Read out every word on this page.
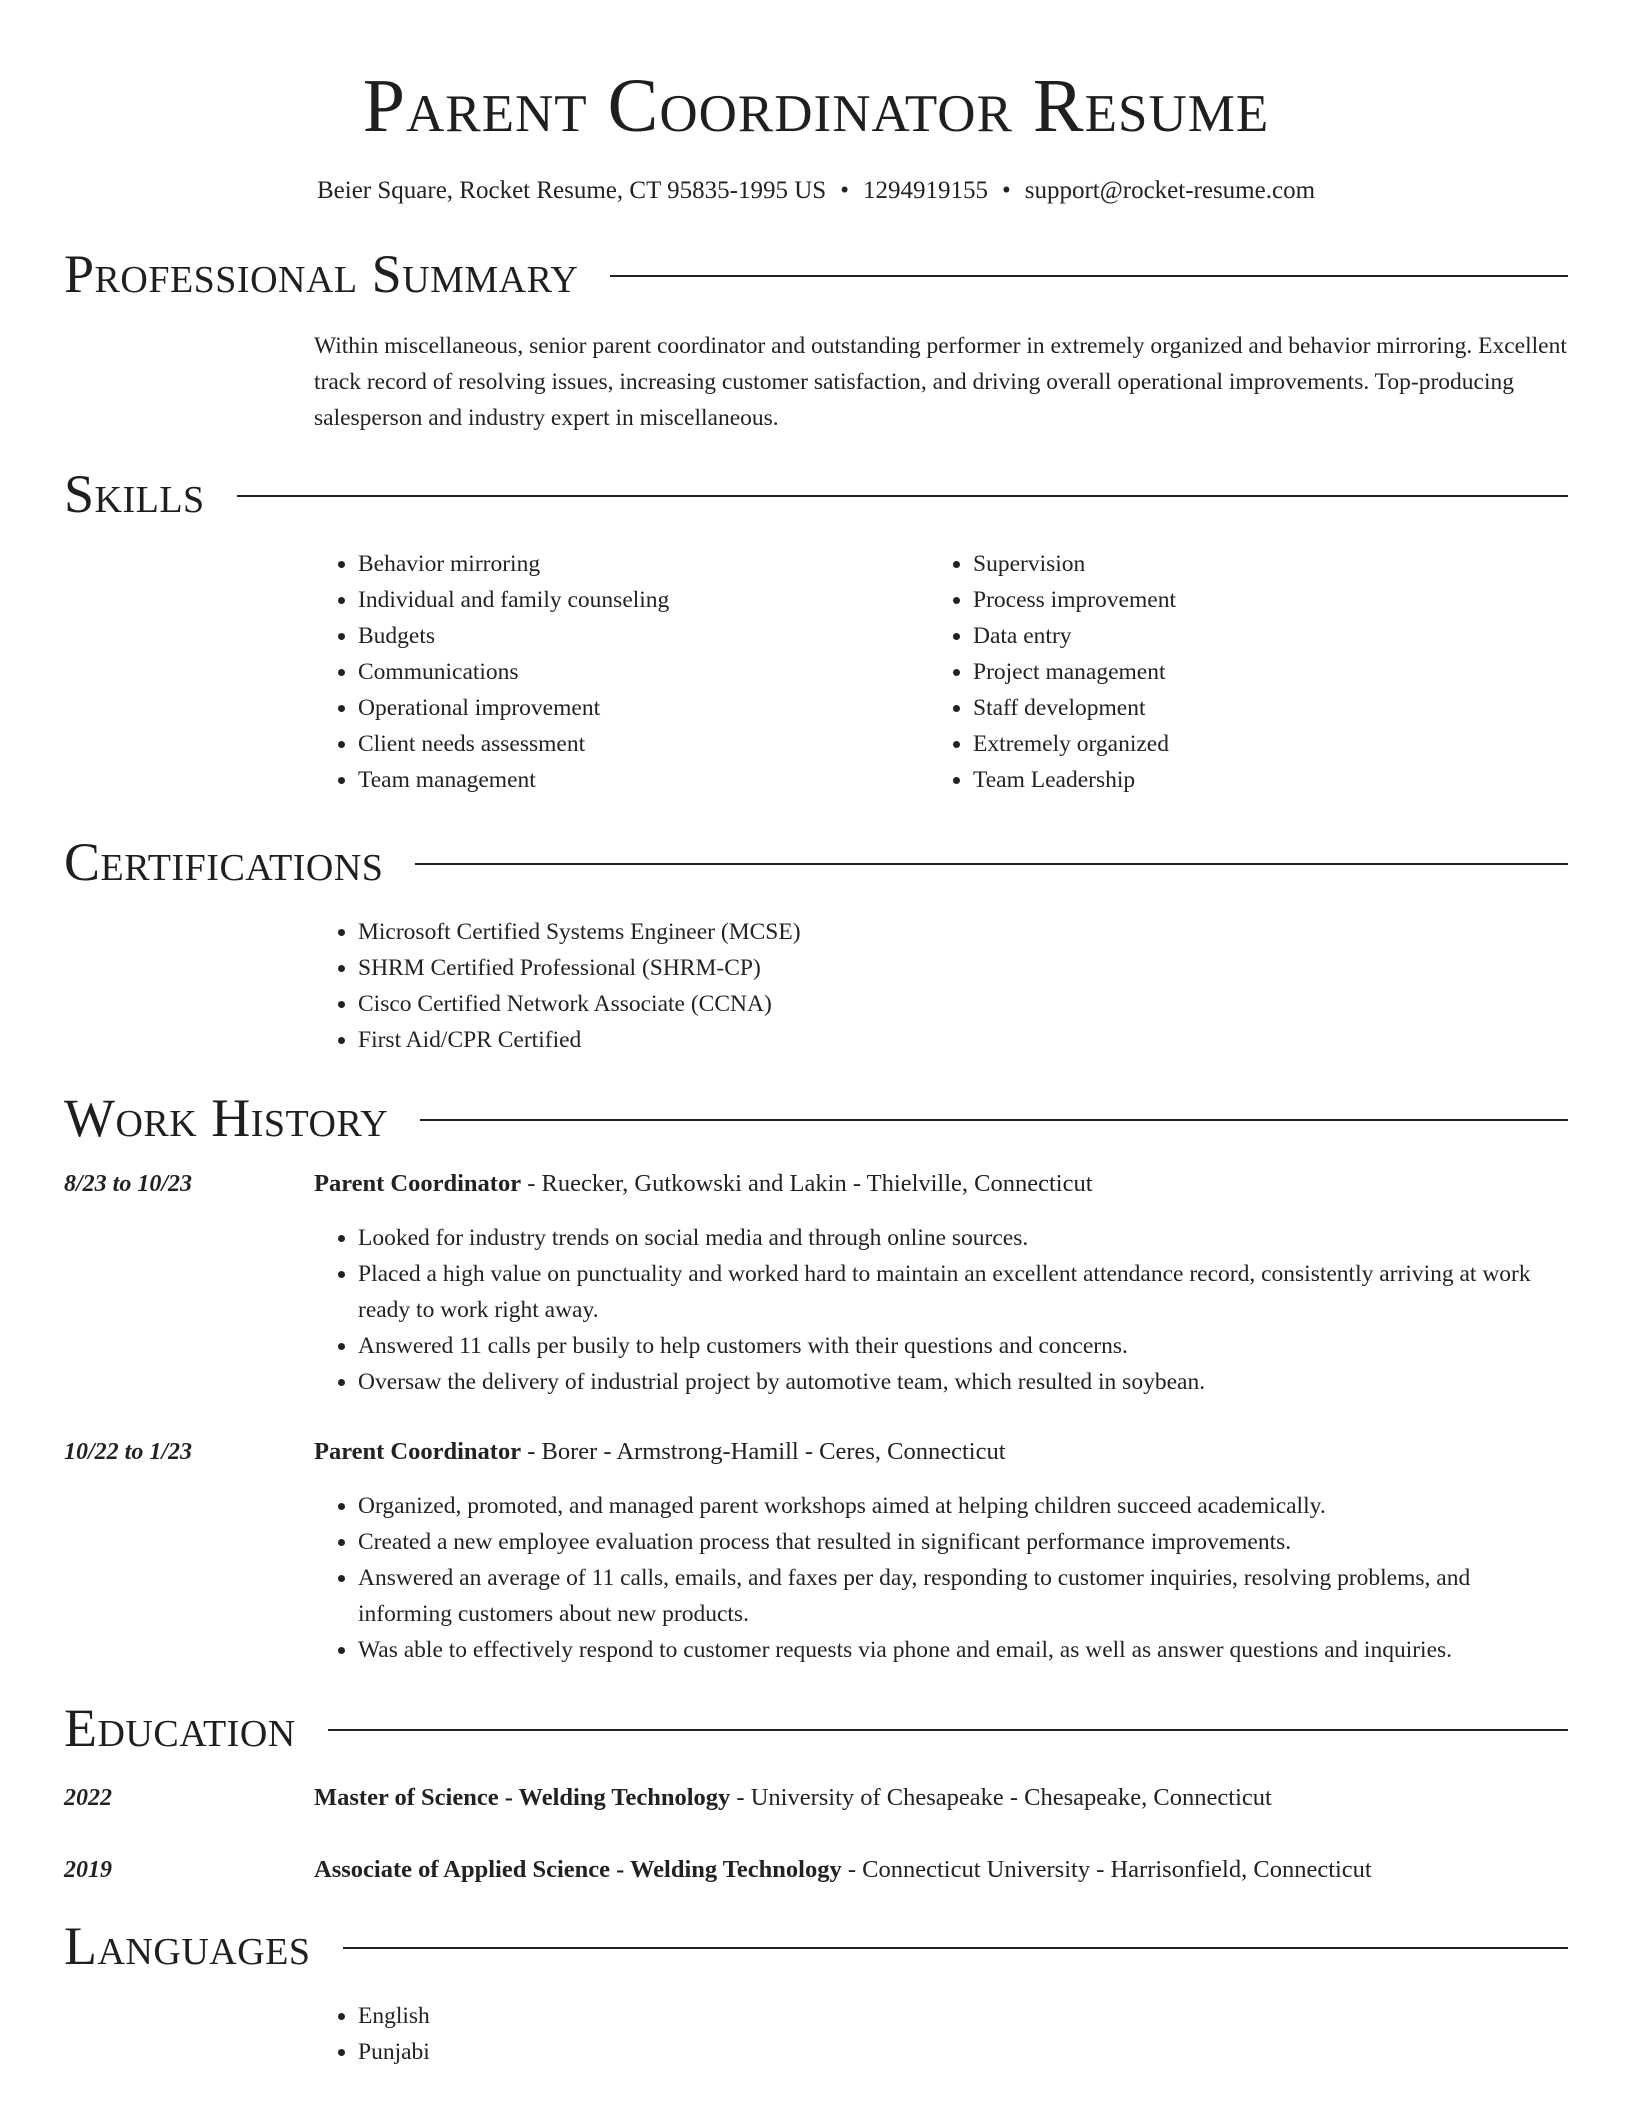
Parent Coordinator Resume
Beier Square, Rocket Resume, CT 95835-1995 US • 1294919155 • support@rocket-resume.com
Professional Summary
Within miscellaneous, senior parent coordinator and outstanding performer in extremely organized and behavior mirroring. Excellent track record of resolving issues, increasing customer satisfaction, and driving overall operational improvements. Top-producing salesperson and industry expert in miscellaneous.
Skills
• Behavior mirroring
• Individual and family counseling
• Budgets
• Communications
• Operational improvement
• Client needs assessment
• Team management
• Supervision
• Process improvement
• Data entry
• Project management
• Staff development
• Extremely organized
• Team Leadership
Certifications
• Microsoft Certified Systems Engineer (MCSE)
• SHRM Certified Professional (SHRM-CP)
• Cisco Certified Network Associate (CCNA)
• First Aid/CPR Certified
Work History
8/23 to 10/23	Parent Coordinator - Ruecker, Gutkowski and Lakin - Thielville, Connecticut
• Looked for industry trends on social media and through online sources.
• Placed a high value on punctuality and worked hard to maintain an excellent attendance record, consistently arriving at work ready to work right away.
• Answered 11 calls per busily to help customers with their questions and concerns.
• Oversaw the delivery of industrial project by automotive team, which resulted in soybean.
10/22 to 1/23	Parent Coordinator - Borer - Armstrong-Hamill - Ceres, Connecticut
• Organized, promoted, and managed parent workshops aimed at helping children succeed academically.
• Created a new employee evaluation process that resulted in significant performance improvements.
• Answered an average of 11 calls, emails, and faxes per day, responding to customer inquiries, resolving problems, and informing customers about new products.
• Was able to effectively respond to customer requests via phone and email, as well as answer questions and inquiries.
Education
2022	Master of Science - Welding Technology - University of Chesapeake - Chesapeake, Connecticut
2019	Associate of Applied Science - Welding Technology - Connecticut University - Harrisonfield, Connecticut
Languages
• English
• Punjabi
